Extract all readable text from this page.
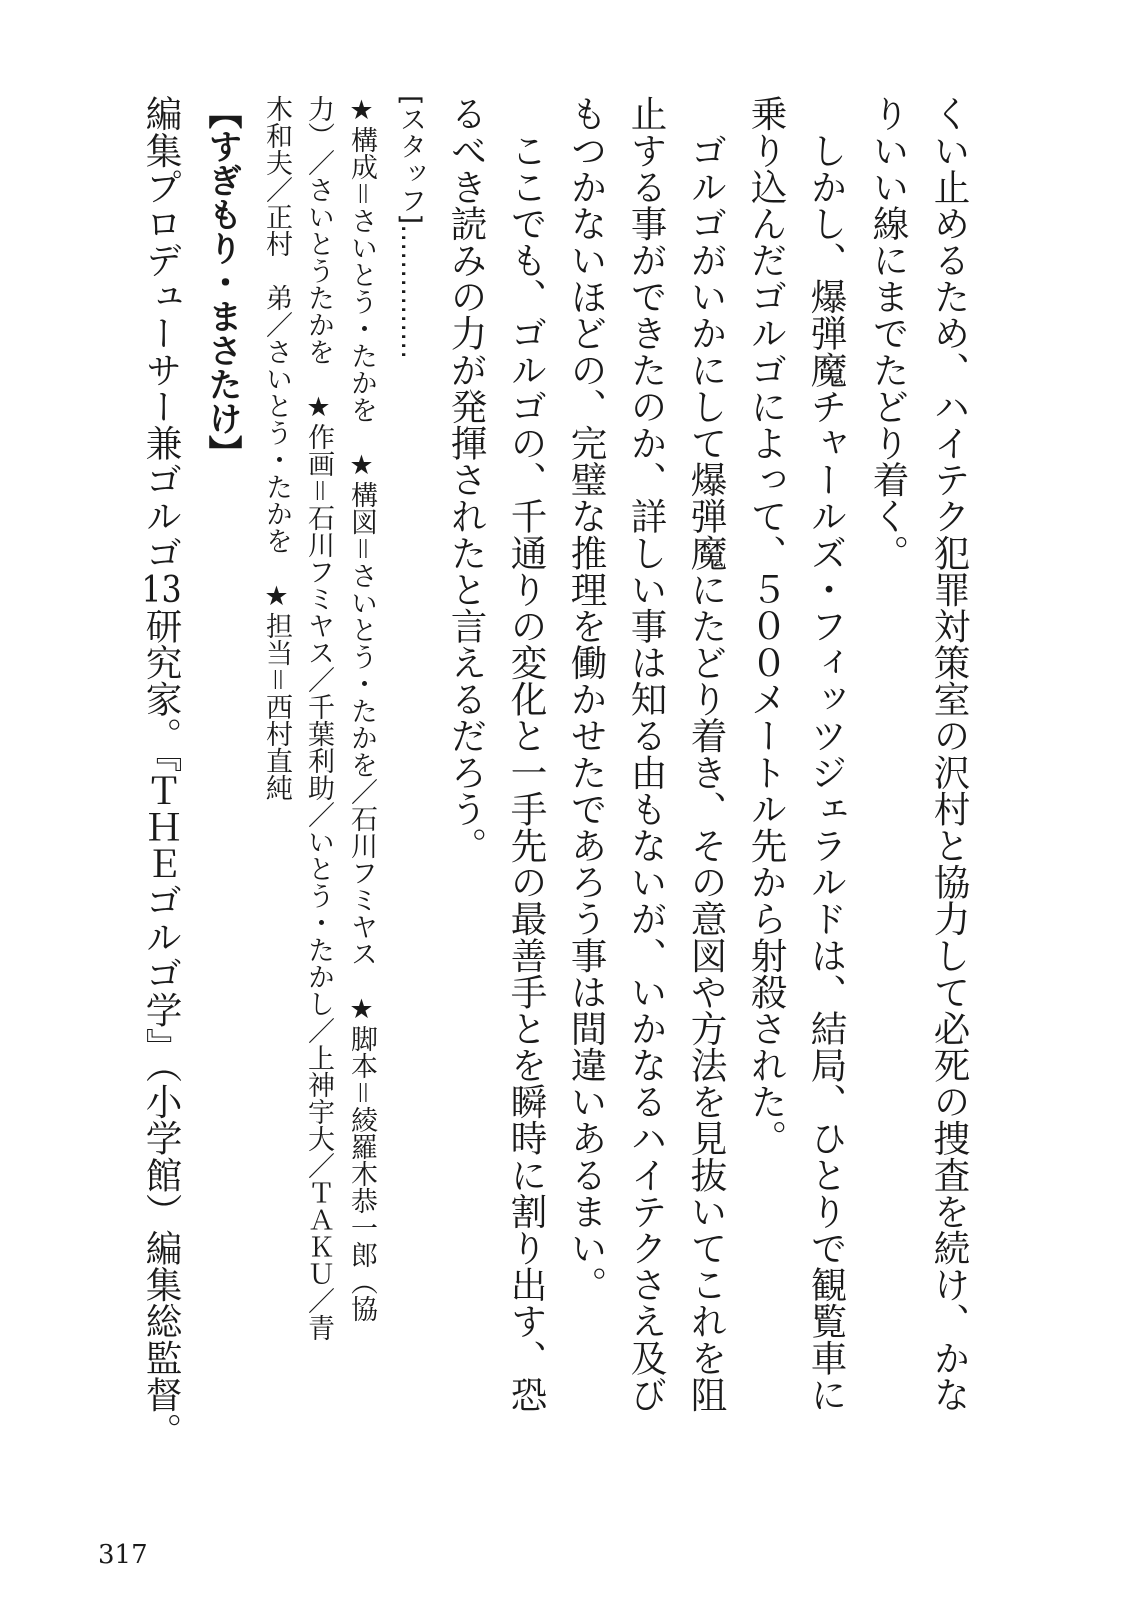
くい止めるため、ハイテク犯罪対策室の沢村と協力して必死の捜査を続け、かな
りいい線にまでたどり着く。
　しかし、爆弾魔チャールズ・フィッツジェラルドは、結局、ひとりで観覧車に
乗り込んだゴルゴによって、５００メートル先から射殺された。
　ゴルゴがいかにして爆弾魔にたどり着き、その意図や方法を見抜いてこれを阻
止する事ができたのか、詳しい事は知る由もないが、いかなるハイテクさえ及び
もつかないほどの、完璧な推理を働かせたであろう事は間違いあるまい。
　ここでも、ゴルゴの、千通りの変化と一手先の最善手とを瞬時に割り出す、恐
るべき読みの力が発揮されたと言えるだろう。
[スタッフ]……………
★構成＝さいとう・たかを　★構図＝さいとう・たかを／石川フミヤス　★脚本＝綾羅木恭一郎（協
力）／さいとうたかを　★作画＝石川フミヤス／千葉利助／いとう・たかし／上神宇大／ＴＡＫＵ／青
木和夫／正村　弟／さいとう・たかを　★担当＝西村直純
【すぎもり・まさたけ】
編集プロデューサー兼ゴルゴ13研究家。『ＴＨＥゴルゴ学』（小学館）編集総監督。
317
